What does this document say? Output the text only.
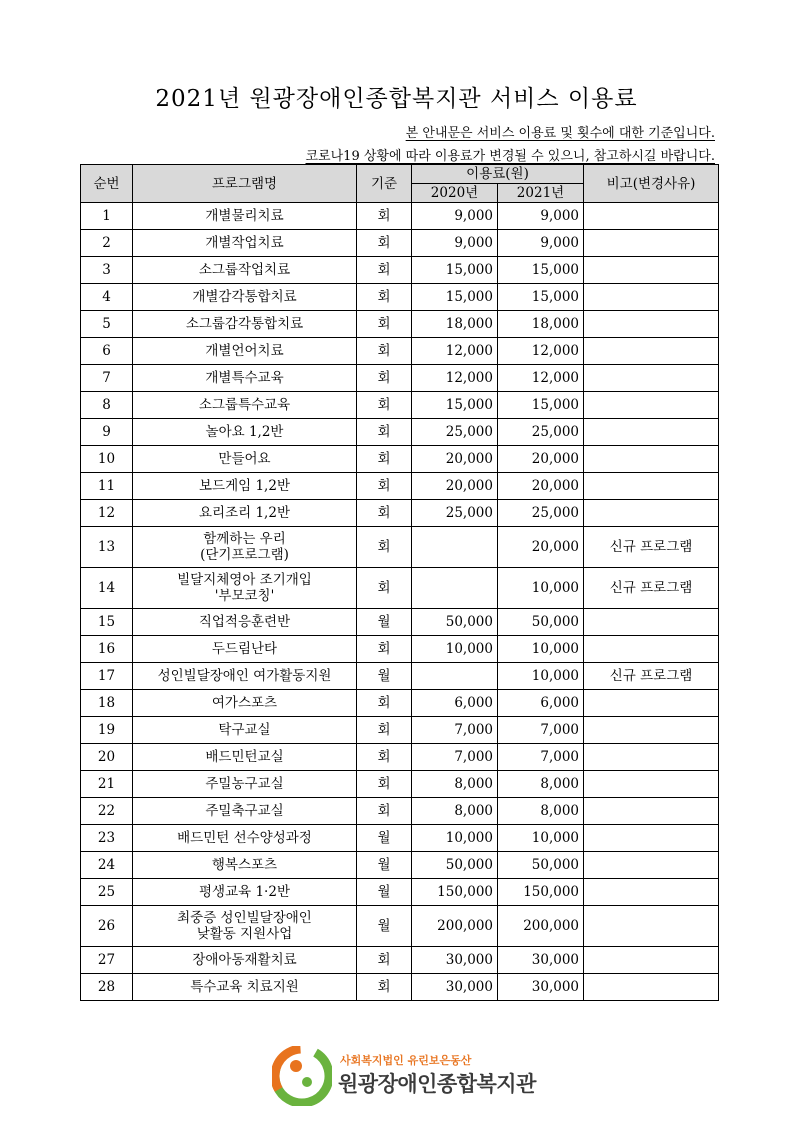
2021년 원광장애인종합복지관 서비스 이용료
본 안내문은 서비스 이용료 및 횟수에 대한 기준입니다.
코로나19 상황에 따라 이용료가 변경될 수 있으니, 참고하시길 바랍니다.
순번	프로그램명	기준	이용료(원)		비고(변경사유)
			2020년	2021년	
1	개별물리치료	회	9,000	9,000	
2	개별작업치료	회	9,000	9,000	
3	소그룹작업치료	회	15,000	15,000	
4	개별감각통합치료	회	15,000	15,000	
5	소그룹감각통합치료	회	18,000	18,000	
6	개별언어치료	회	12,000	12,000	
7	개별특수교육	회	12,000	12,000	
8	소그룹특수교육	회	15,000	15,000	
9	놀아요 1,2반	회	25,000	25,000	
10	만들어요	회	20,000	20,000	
11	보드게임 1,2반	회	20,000	20,000	
12	요리조리 1,2반	회	25,000	25,000	
13	함께하는 우리
(단기프로그램)	회		20,000	신규 프로그램
14	빌달지체영아 조기개입
'부모코칭'	회		10,000	신규 프로그램
15	직업적응훈련반	월	50,000	50,000	
16	두드림난타	회	10,000	10,000	
17	성인빌달장애인 여가활동지원	월		10,000	신규 프로그램
18	여가스포츠	회	6,000	6,000	
19	탁구교실	회	7,000	7,000	
20	배드민턴교실	회	7,000	7,000	
21	주밀농구교실	회	8,000	8,000	
22	주밀축구교실	회	8,000	8,000	
23	배드민턴 선수양성과정	월	10,000	10,000	
24	행복스포츠	월	50,000	50,000	
25	평생교육 1·2반	월	150,000	150,000	
26	최중증 성인빌달장애인
낮활동 지원사업	월	200,000	200,000	
27	장애아동재활치료	회	30,000	30,000	
28	특수교육 치료지원	회	30,000	30,000	
사회복지법인 유린보은동산
원광장애인종합복지관
